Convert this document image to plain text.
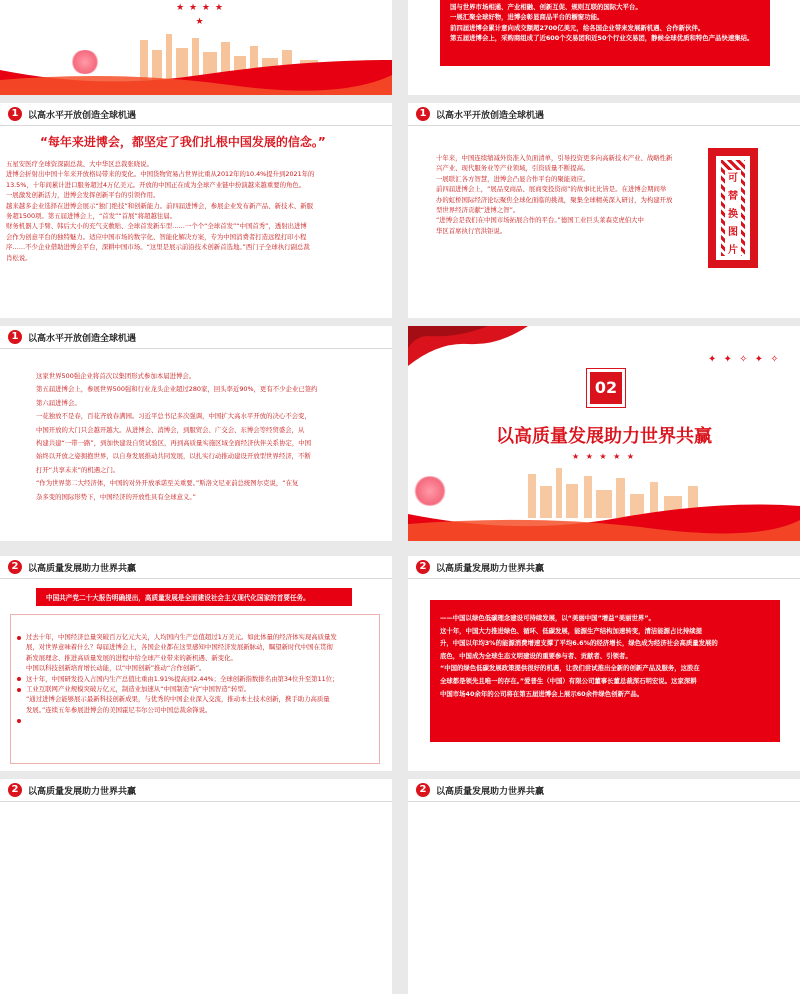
★ ★ ★ ★ ★

国与世界市场相通、产业相融、创新互促、规则互联的国际大平台。

一展汇聚全球好物，进博会彰显商品平台的橱窗功能。

前四届进博会累计意向成交额超2700亿美元，给各国企业带来发展新机遇、合作新伙伴。

第五届进博会上，采购商组成了近600个交易团和近50个行业交易团，静候全球优质和特色产品快速集结。

1	以高水平开放创造全球机遇
“每年来进博会，都坚定了我们扎根中国发展的信念。”

五星安医疗全球资深副总裁、大中华区总裁张晓说。

进博会折射出中国十年来开放格局带来的变化。中国货物贸易占世界比重从2012年的10.4%提升到2021年的

13.5%，十年间累计进口服务超过4万亿美元。开放的中国正在成为全球产业链中扮演越来越重要的角色。

一展激发创新活力，进博会发挥创新平台的引领作用。

越来越多企业选择在进博会展示“独门绝技”和创新能力。前四届进博会，参展企业发布新产品、新技术、新服

务超1500项。第五届进博会上，“首发”“首展”将超越往届。

财务机器人手臂、韩后大小的充气支敷贴、全球首发新车型……一个个“全球首发”“中国首秀”，透射出进博

会作为创意平台的独特魅力。适应中国市场的数字化、智能化解决方案，专为中国消费者打造远程打印小程

序……不少企业借助进博会平台，深耕中国市场。“这里是展示前沿技术创新首选地。”西门子全球执行副总裁

肖松说。

1	以高水平开放创造全球机遇

十年来，中国连续缩减外资准入负面清单，引导投资更多向高新技术产业、战略性新

兴产业、现代服务业等产业领域，引资质量不断提高。

一展联汇各方智慧，进博会凸显合作平台的聚能效应。

前四届进博会上，“展品变商品、展商变投资商”的故事比比皆是。在进博会期间举

办的虹桥国际经济论坛聚焦全球化面临的挑战，聚集全球精英深入研讨，为构建开放

型世界经济贡献“进博之智”。

“进博会是我们在中国市场拓展合作的平台。”德国工业巨头莱森克虎伯大中

华区首席执行官洪钜说。

可替换图片
1	以高水平开放创造全球机遇

这家世界500强企业将首次以集团形式参加本届进博会。

第五届进博会上，参展世界500强和行业龙头企业超过280家，回头率近90%，更有不少企业已签约

第六届进博会。

一花独放不是春，百花齐放春满园。习近平总书记多次强调，中国扩大高水平开放的决心不会变，

中国开放的大门只会越开越大。从进博会、消博会，到服贸会、广交会、东博会等经贸盛会，从

构建共建“一带一路”，到加快建设自贸试验区，再到高质量实施区域全面经济伙伴关系协定，中国

始终以开放之姿拥抱世界，以自身发展推动共同发展，以扎实行动推动建设开放型世界经济，不断

打开“共享未来”的机遇之门。

“作为世界第二大经济体，中国的对外开放承诺至关重要。”斯洛文尼亚前总统图尔克说，“在复

杂多变的国际形势下，中国经济的开放性具有全球意义。”

✦ ✦ ✧ ✦ ✧
02
以高质量发展助力世界共赢
★ ★ ★ ★ ★
2	以高质量发展助力世界共赢
中国共产党二十大报告明确提出，高质量发展是全面建设社会主义现代化国家的首要任务。

过去十年，中国经济总量突破百万亿元大关，人均国内生产总值超过1万美元。如此体量的经济体实现高质量发

展，对世界意味着什么？每届进博会上，各国企业都在这里感知中国经济发展新脉动，瞩望新时代中国在贯彻

新发展理念、推进高质量发展的进程中给全球产业带来的新机遇、新变化。

中国以科技创新培育增长动能，以“中国创新”推动“合作创新”。

这十年，中国研发投入占国内生产总值比重由1.91%提高到2.44%；全球创新指数排名由第34位升至第11位；

工业互联网产业规模突破万亿元，制造业加速从“中国制造”向“中国智造”转型。

“通过进博会能够展示最新科技创新成果，与优秀的中国企业深入交流，推动本土技术创新，携手助力高质量

发展。”连续五年参展进博会的美国霍尼韦尔公司中国总裁余锋说。

2	以高质量发展助力世界共赢

——中国以绿色低碳理念建设可持续发展，以“美丽中国”增益“美丽世界”。

这十年，中国大力推进绿色、循环、低碳发展，能源生产结构加速转变，清洁能源占比持续提

升，中国以年均3%的能源消费增速支撑了平均6.6%的经济增长，绿色成为经济社会高质量发展的

底色，中国成为全球生态文明建设的重要参与者、贡献者、引领者。

“中国的绿色低碳发展政策提供很好的机遇，让我们尝试推出全新的创新产品及服务，这股在

全球都是领先且唯一的存在。”爱普生（中国）有限公司董事长董总裁深石明宏说。这家深耕

中国市场40余年的公司将在第五届进博会上展示60余件绿色创新产品。

2	以高质量发展助力世界共赢	2	以高质量发展助力世界共赢
